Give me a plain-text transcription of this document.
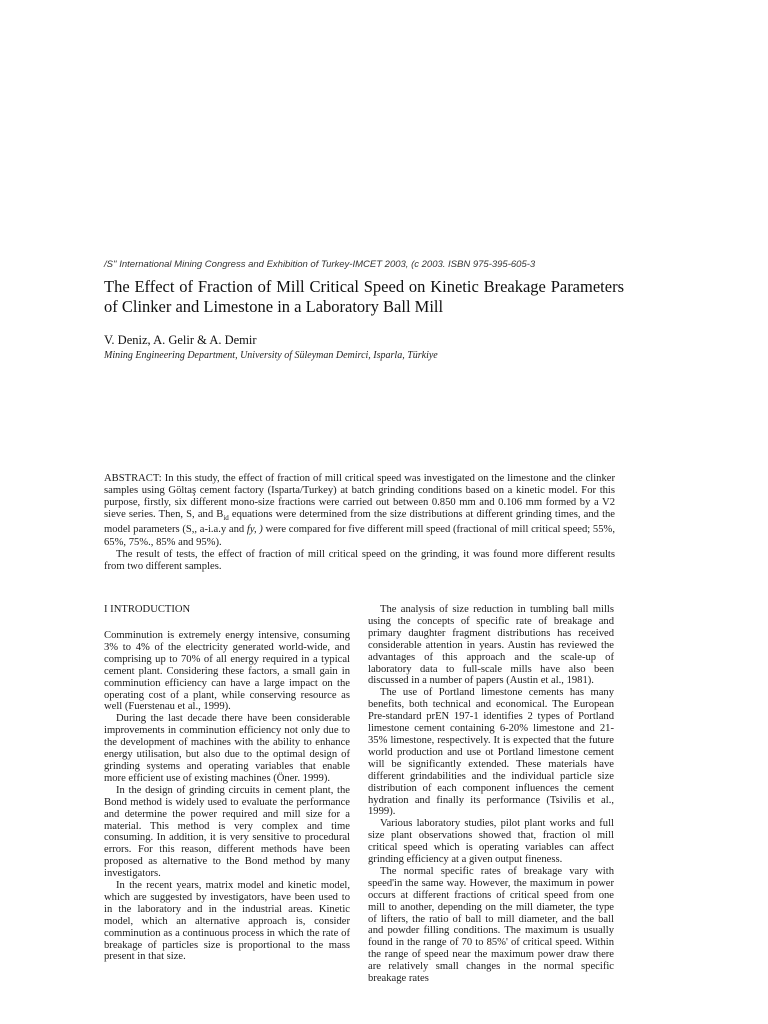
/S'' International Mining Congress and Exhibition of Turkey-IMCET 2003, (c 2003. ISBN 975-395-605-3
The Effect of Fraction of Mill Critical Speed on Kinetic Breakage Parameters of Clinker and Limestone in a Laboratory Ball Mill
V. Deniz, A. Gelir & A. Demir
Mining Engineering Department, University of Süleyman Demirci, Isparla, Türkiye

ABSTRACT: In this study, the effect of fraction of mill critical speed was investigated on the limestone and the clinker samples using Göltaş cement factory (Isparta/Turkey) at batch grinding conditions based on a kinetic model. For this purpose, firstly, six different mono-size fractions were carried out between 0.850 mm and 0.106 mm formed by a V2 sieve series. Then, S, and $B_{id}$ equations were determined from the size distributions at different grinding times, and the model parameters (S,, a-i.a.y and fy, ) were compared for five different mill speed (fractional of mill critical speed; 55%, 65%, 75%., 85% and 95%).

The result of tests, the effect of fraction of mill critical speed on the grinding, it was found more different results from two different samples.

I INTRODUCTION

Comminution is extremely energy intensive, consuming 3% to 4% of the electricity generated world-wide, and comprising up to 70% of all energy required in a typical cement plant. Considering these factors, a small gain in comminution efficiency can have a large impact on the operating cost of a plant, while conserving resource as well (Fuerstenau et al., 1999).

During the last decade there have been considerable improvements in comminution efficiency not only due to the development of machines with the ability to enhance energy utilisation, but also due to the optimal design of grinding systems and operating variables that enable more efficient use of existing machines (Öner. 1999).

In the design of grinding circuits in cement plant, the Bond method is widely used to evaluate the performance and determine the power required and mill size for a material. This method is very complex and time consuming. In addition, it is very sensitive to procedural errors. For this reason, different methods have been proposed as alternative to the Bond method by many investigators.

In the recent years, matrix model and kinetic model, which are suggested by investigators, have been used to in the laboratory and in the industrial areas. Kinetic model, which an alternative approach is, consider comminution as a continuous process in which the rate of breakage of particles size is proportional to the mass present in that size.

The analysis of size reduction in tumbling ball mills using the concepts of specific rate of breakage and primary daughter fragment distributions has received considerable attention in years. Austin has reviewed the advantages of this approach and the scale-up of laboratory data to full-scale mills have also been discussed in a number of papers (Austin et al., 1981).

The use of Portland limestone cements has many benefits, both technical and economical. The European Pre-standard prEN 197-1 identifies 2 types of Portland limestone cement containing 6-20% limestone and 21-35% limestone, respectively. It is expected that the future world production and use ot Portland limestone cement will be significantly extended. These materials have different grindabilities and the individual particle size distribution of each component influences the cement hydration and finally its performance (Tsivilis et al., 1999).

Various laboratory studies, pilot plant works and full size plant observations showed that, fraction ol mill critical speed which is operating variables can affect grinding efficiency at a given output fineness.

The normal specific rates of breakage vary with speed'in the same way. However, the maximum in power occurs at different fractions of critical speed from one mill to another, depending on the mill diameter, the type of lifters, the ratio of ball to mill diameter, and the ball and powder filling conditions. The maximum is usually found in the range of 70 to 85%' of critical speed. Within the range of speed near the maximum power draw there are relatively small changes in the normal specific breakage rates
